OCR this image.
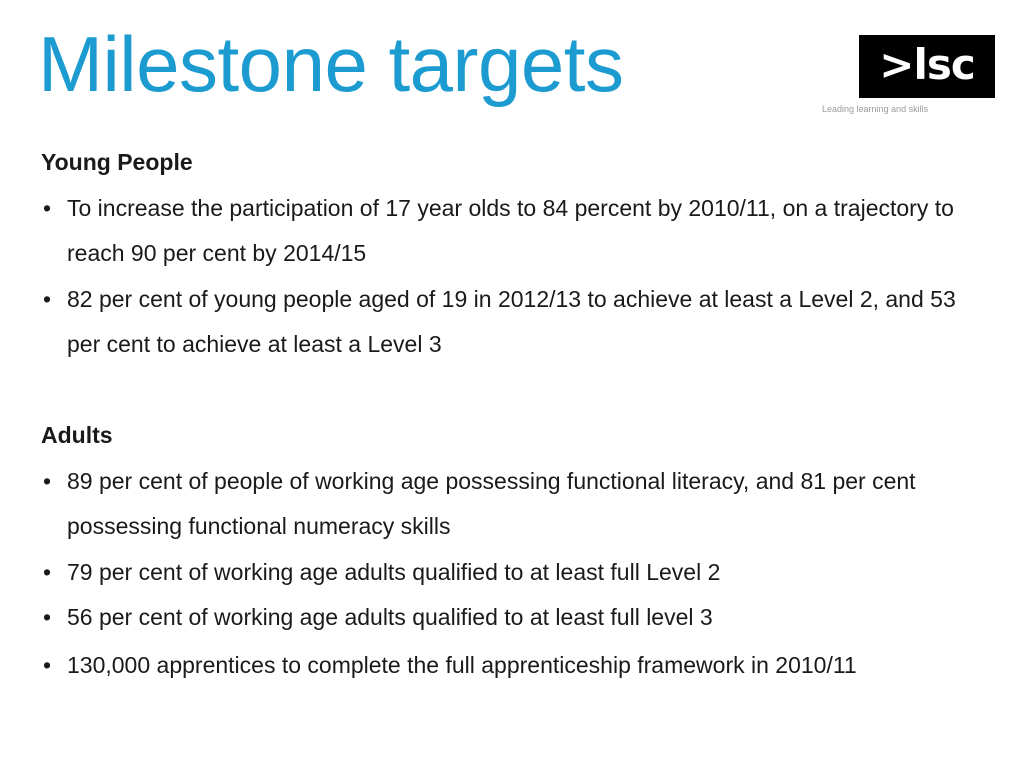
Milestone targets	>lsc
Leading learning and skills
Young People
• To increase the participation of 17 year olds to 84 percent by 2010/11, on a trajectory to reach 90 per cent by 2014/15
• 82 per cent of young people aged of 19 in 2012/13 to achieve at least a Level 2, and 53 per cent to achieve at least a Level 3
Adults
• 89 per cent of people of working age possessing functional literacy, and 81 per cent possessing functional numeracy skills
• 79 per cent of working age adults qualified to at least full Level 2
• 56 per cent of working age adults qualified to at least full level 3
• 130,000 apprentices to complete the full apprenticeship framework in 2010/11
